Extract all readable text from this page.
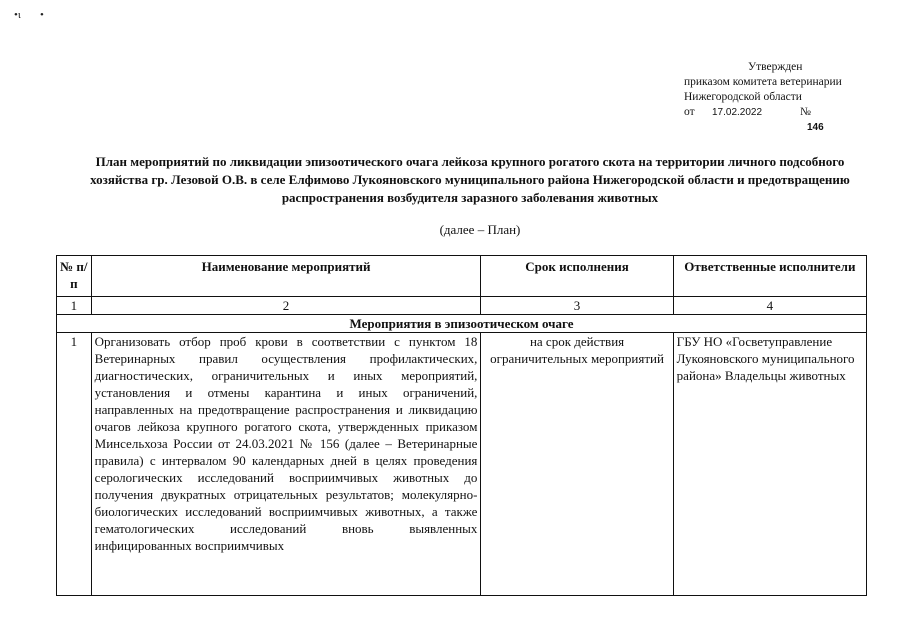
•ɩ •
Утвержден
приказом комитета ветеринарии
Нижегородской области
от	17.02.2022	№
146
План мероприятий по ликвидации эпизоотического очага лейкоза крупного рогатого скота на территории личного подсобного хозяйства гр. Лезовой О.В. в селе Елфимово Лукояновского муниципального района Нижегородской области и предотвращению распространения возбудителя заразного заболевания животных
(далее – План)
№ п/п	Наименование мероприятий	Срок исполнения	Ответственные исполнители
1	2	3	4
Мероприятия в эпизоотическом очаге			
1	Организовать отбор проб крови в соответствии с пунктом 18 Ветеринарных правил осуществления профилактических, диагностических, ограничительных и иных мероприятий, установления и отмены карантина и иных ограничений, направленных на предотвращение распространения и ликвидацию очагов лейкоза крупного рогатого скота, утвержденных приказом Минсельхоза России от 24.03.2021 № 156 (далее – Ветеринарные правила) с интервалом 90 календарных дней в целях проведения серологических исследований восприимчивых животных до получения двукратных отрицательных результатов; молекулярно-биологических исследований восприимчивых животных, а также гематологических исследований вновь выявленных инфицированных восприимчивых	на срок действия ограничительных мероприятий	ГБУ НО «Госветуправление Лукояновского муниципального района» Владельцы животных
